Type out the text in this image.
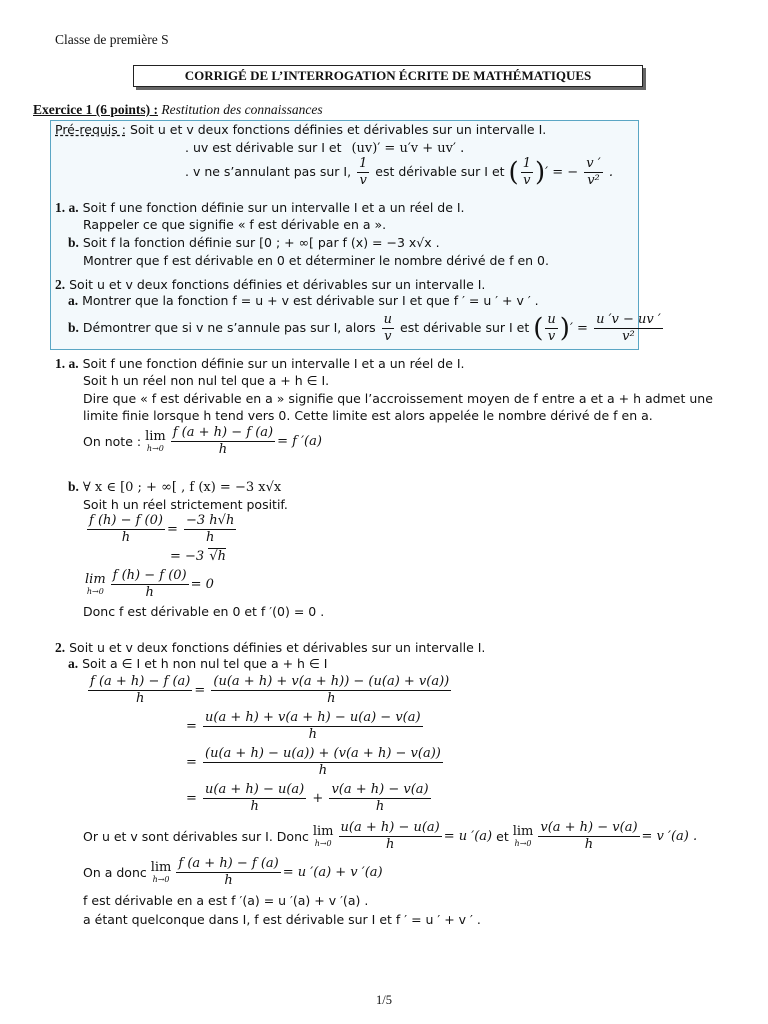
Classe de première S
CORRIGÉ DE L’INTERROGATION ÉCRITE DE MATHÉMATIQUES
Exercice 1 (6 points) : Restitution des connaissances
Pré-requis : Soit u et v deux fonctions définies et dérivables sur un intervalle I.
. uv est dérivable sur I et (uv)′ = u′v + uv′ .
. v ne s’annulant pas sur I, $\frac{1}{v}$ est dérivable sur I et ( $\frac{1}{v}$ )′ = − $\frac{v '}{\text{v²}}$ .
1. a. Soit f une fonction définie sur un intervalle I et a un réel de I.
Rappeler ce que signifie « f est dérivable en a ».
b. Soit f la fonction définie sur [0 ; + ∞[ par f (x) = −3 x√x .
Montrer que f est dérivable en 0 et déterminer le nombre dérivé de f en 0.
2. Soit u et v deux fonctions définies et dérivables sur un intervalle I.
a. Montrer que la fonction f = u + v est dérivable sur I et que f ′ = u ′ + v ′ .
b. Démontrer que si v ne s’annule pas sur I, alors $\frac{u}{v}$ est dérivable sur I et ( $\frac{u}{v}$ )′ = $\frac{u 'v - uv '}{\text{v²}}$
1. a. Soit f une fonction définie sur un intervalle I et a un réel de I.
Soit h un réel non nul tel que a + h ∈ I.
Dire que « f est dérivable en a » signifie que l’accroissement moyen de f entre a et a + h admet une
limite finie lorsque h tend vers 0. Cette limite est alors appelée le nombre dérivé de f en a.
On note : lim
$h\to 0 \frac{f (a + h) - f (a)}{h} = f$ ′(a)
b. ∀ x ∈ [0 ; + ∞[ , f (x) = −3 x√x
Soit h un réel strictement positif.
$\frac{f (h) - f (0)}{h} = \frac{-3 h√h}{h}$
= −3 √h
lim
$h\to 0 \frac{f (h) - f (0)}{h} = 0$
Donc f est dérivable en 0 et f ′(0) = 0 .
2. Soit u et v deux fonctions définies et dérivables sur un intervalle I.
a. Soit a ∈ I et h non nul tel que a + h ∈ I
$\frac{f (a + h) - f (a)}{h} = \frac{(u(a + h) + v(a + h)) - (u(a) + v(a))}{h}$
= $\frac{u(a + h) + v(a + h) - u(a) - v(a)}{h}$
= $\frac{(u(a + h) - u(a)) + (v(a + h) - v(a))}{h}$
= $\frac{u(a + h) - u(a)}{h} + \frac{v(a + h) - v(a)}{h}$
Or u et v sont dérivables sur I. Donc lim
$h\to 0 \frac{u(a + h) - u(a)}{h} = u$ ′(a) et lim
$h\to 0 \frac{v(a + h) - v(a)}{h} = v$ ′(a) .
On a donc lim
$h\to 0 \frac{f (a + h) - f (a)}{h} = u$ ′(a) + v ′(a)
f est dérivable en a est f ′(a) = u ′(a) + v ′(a) .
a étant quelconque dans I, f est dérivable sur I et f ′ = u ′ + v ′ .
1/5
